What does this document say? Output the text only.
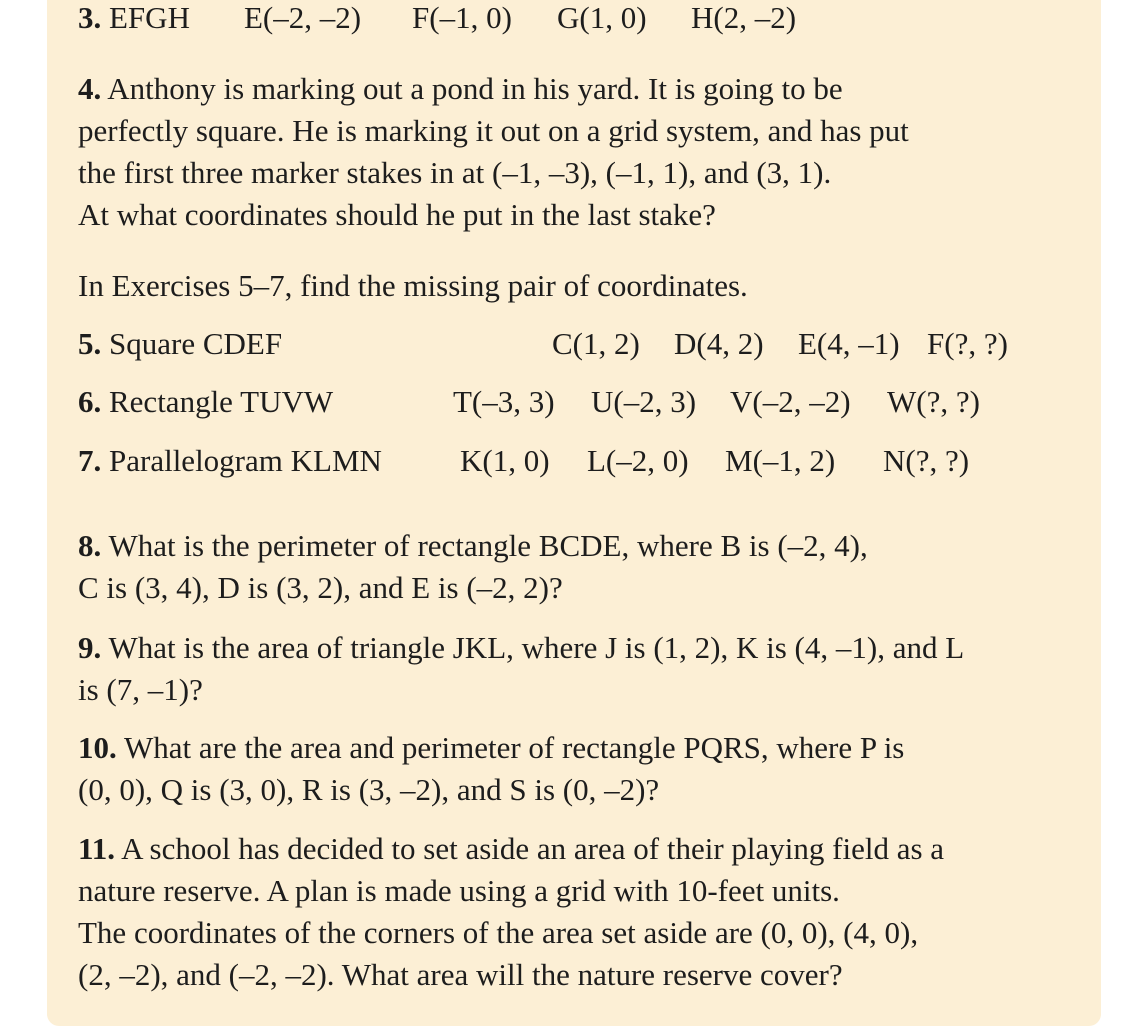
3. EFGH E(–2, –2) F(–1, 0) G(1, 0) H(2, –2)
4. Anthony is marking out a pond in his yard. It is going to be
perfectly square. He is marking it out on a grid system, and has put
the first three marker stakes in at (–1, –3), (–1, 1), and (3, 1).
At what coordinates should he put in the last stake?
In Exercises 5–7, find the missing pair of coordinates.
5. Square CDEF	C(1, 2) D(4, 2) E(4, –1) F(?, ?)
6. Rectangle TUVW	T(–3, 3) U(–2, 3) V(–2, –2) W(?, ?)
7. Parallelogram KLMN	K(1, 0) L(–2, 0) M(–1, 2) N(?, ?)
8. What is the perimeter of rectangle BCDE, where B is (–2, 4),
C is (3, 4), D is (3, 2), and E is (–2, 2)?
9. What is the area of triangle JKL, where J is (1, 2), K is (4, –1), and L
is (7, –1)?
10. What are the area and perimeter of rectangle PQRS, where P is
(0, 0), Q is (3, 0), R is (3, –2), and S is (0, –2)?
11. A school has decided to set aside an area of their playing field as a
nature reserve. A plan is made using a grid with 10-feet units.
The coordinates of the corners of the area set aside are (0, 0), (4, 0),
(2, –2), and (–2, –2). What area will the nature reserve cover?
